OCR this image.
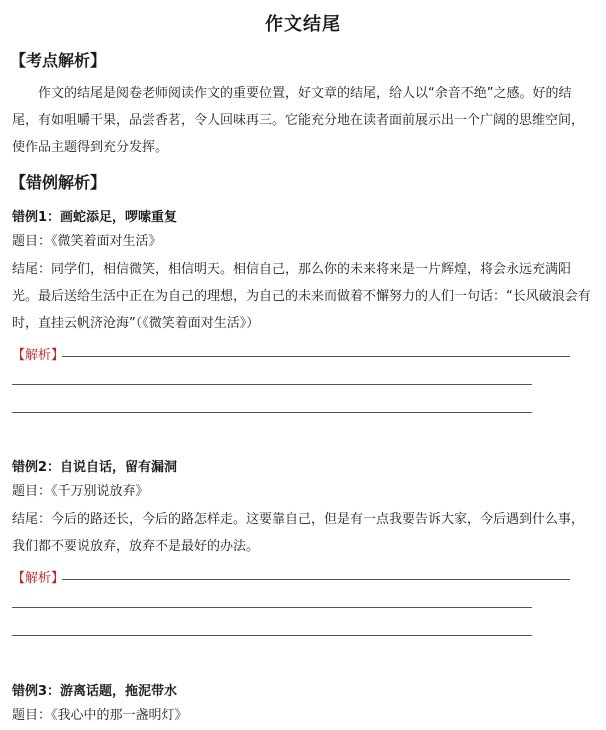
作文结尾
【考点解析】

作文的结尾是阅卷老师阅读作文的重要位置，好文章的结尾，给人以“余音不绝”之感。好的结尾，有如咀嚼干果，品尝香茗，令人回味再三。它能充分地在读者面前展示出一个广阔的思维空间，使作品主题得到充分发挥。

【错例解析】
错例1：画蛇添足，啰嗦重复
题目：《微笑着面对生活》

结尾：同学们，相信微笑，相信明天。相信自己，那么你的未来将来是一片辉煌，将会永远充满阳光。最后送给生活中正在为自己的理想，为自己的未来而做着不懈努力的人们一句话：“长风破浪会有时，直挂云帆济沧海”（《微笑着面对生活》）

【解析】
错例2：自说自话，留有漏洞
题目：《千万别说放弃》

结尾：今后的路还长，今后的路怎样走。这要靠自己，但是有一点我要告诉大家，今后遇到什么事，我们都不要说放弃，放弃不是最好的办法。

【解析】
错例3：游离话题，拖泥带水
题目：《我心中的那一盏明灯》
